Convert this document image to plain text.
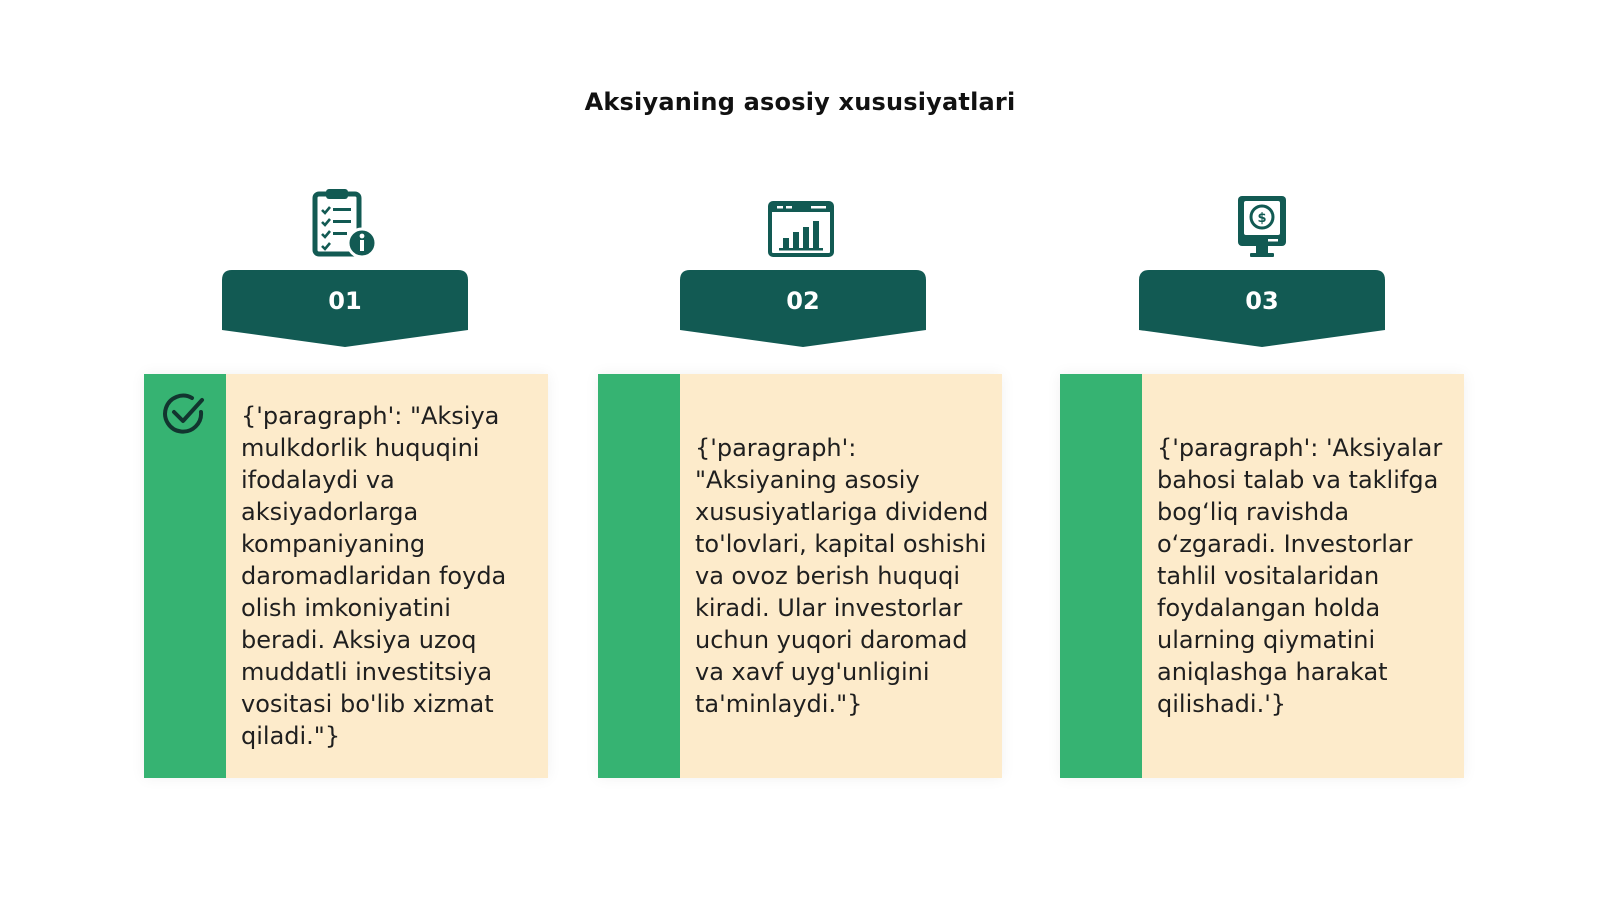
Aksiyaning asosiy xususiyatlari
01

{'paragraph': "Aksiya mulkdorlik huquqini ifodalaydi va aksiyadorlarga kompaniyaning daromadlaridan foyda olish imkoniyatini beradi. Aksiya uzoq muddatli investitsiya vositasi bo'lib xizmat qiladi."}

02

{'paragraph': "Aksiyaning asosiy xususiyatlariga dividend to'lovlari, kapital oshishi va ovoz berish huquqi kiradi. Ular investorlar uchun yuqori daromad va xavf uyg'unligini ta'minlaydi."}

$
03

{'paragraph': 'Aksiyalar bahosi talab va taklifga bog‘liq ravishda o‘zgaradi. Investorlar tahlil vositalaridan foydalangan holda ularning qiymatini aniqlashga harakat qilishadi.'}
